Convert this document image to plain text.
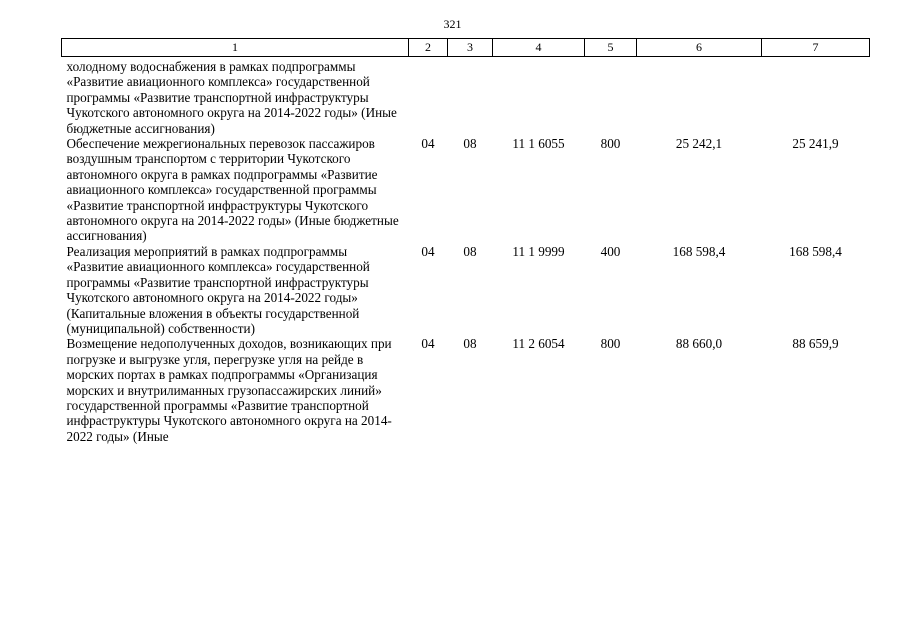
321
1	2	3	4	5	6	7
холодному водоснабжения в рамках подпрограммы «Развитие авиационного комплекса» государственной программы «Развитие транспортной инфраструктуры Чукотского автономного округа на 2014-2022 годы» (Иные бюджетные ассигнования)						
Обеспечение межрегиональных перевозок пассажиров воздушным транспортом с территории Чукотского автономного округа в рамках подпрограммы «Развитие авиационного комплекса» государственной программы «Развитие транспортной инфраструктуры Чукотского автономного округа на 2014-2022 годы» (Иные бюджетные ассигнования)	04	08	11 1 6055	800	25 242,1	25 241,9
Реализация мероприятий в рамках подпрограммы «Развитие авиационного комплекса» государственной программы «Развитие транспортной инфраструктуры Чукотского автономного округа на 2014-2022 годы» (Капитальные вложения в объекты государственной (муниципальной) собственности)	04	08	11 1 9999	400	168 598,4	168 598,4
Возмещение недополученных доходов, возникающих при погрузке и выгрузке угля, перегрузке угля на рейде в морских портах в рамках подпрограммы «Организация морских и внутрилиманных грузопассажирских линий» государственной программы «Развитие транспортной инфраструктуры Чукотского автономного округа на 2014-2022 годы» (Иные	04	08	11 2 6054	800	88 660,0	88 659,9
